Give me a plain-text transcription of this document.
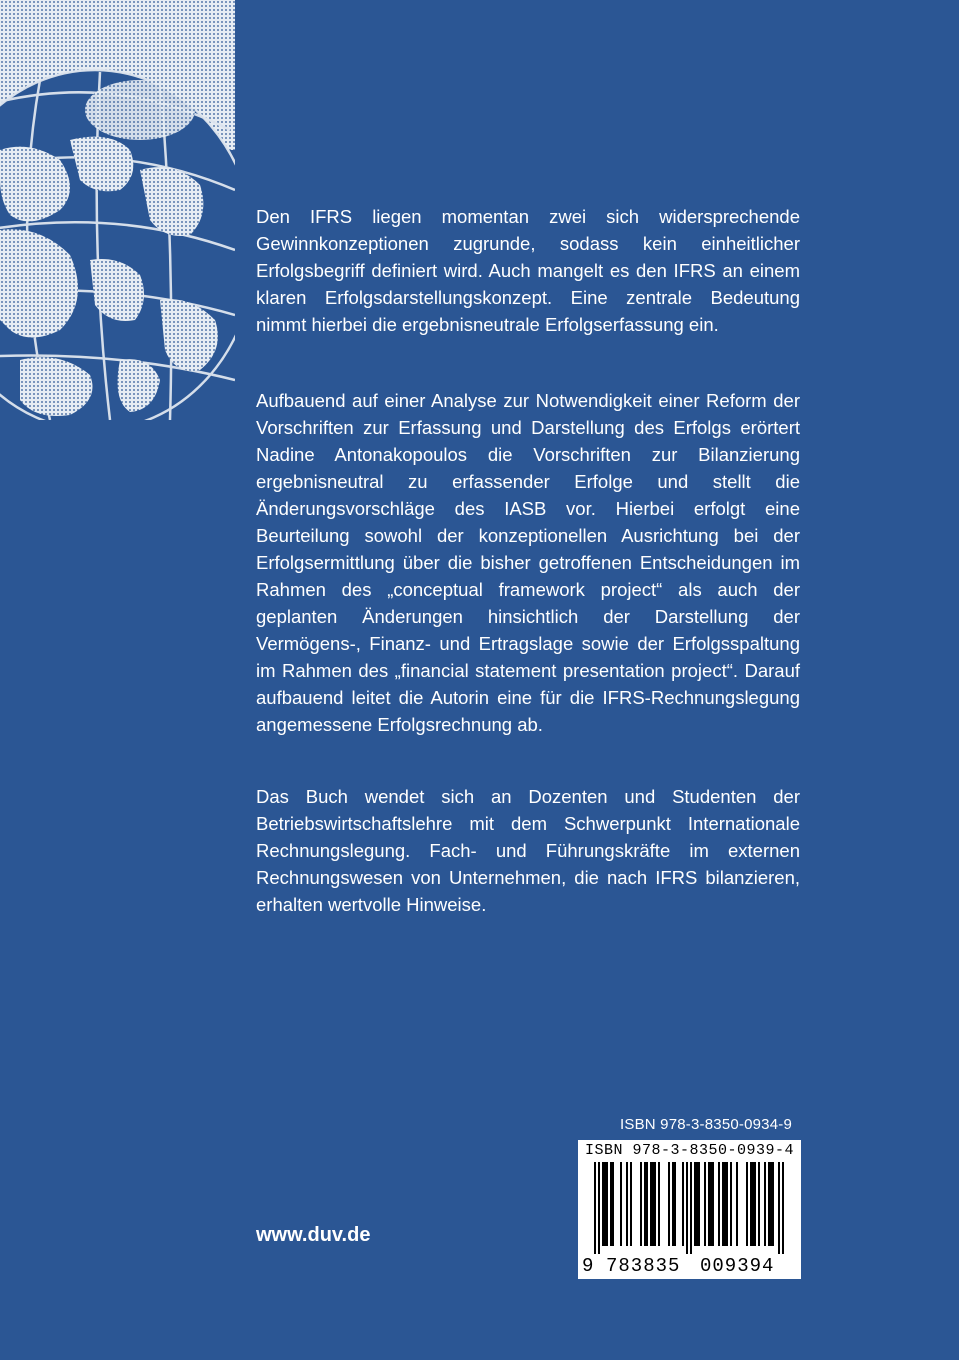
Den IFRS liegen momentan zwei sich widersprechende Gewinnkonzeptionen zugrunde, sodass kein einheitlicher Erfolgsbegriff definiert wird. Auch mangelt es den IFRS an einem klaren Erfolgsdarstellungskonzept. Eine zentrale Bedeutung nimmt hierbei die ergebnisneutrale Erfolgserfassung ein.

Aufbauend auf einer Analyse zur Notwendigkeit einer Reform der Vorschriften zur Erfassung und Darstellung des Erfolgs erörtert Nadine Antonakopoulos die Vorschriften zur Bilanzierung ergebnisneutral zu erfassender Erfolge und stellt die Änderungsvorschläge des IASB vor. Hierbei erfolgt eine Beurteilung sowohl der konzeptionellen Ausrichtung bei der Erfolgsermittlung über die bisher getroffenen Entscheidungen im Rahmen des „conceptual framework project“ als auch der geplanten Änderungen hinsichtlich der Darstellung der Vermögens-, Finanz- und Ertragslage sowie der Erfolgsspaltung im Rahmen des „financial statement presentation project“. Darauf aufbauend leitet die Autorin eine für die IFRS-Rechnungslegung angemessene Erfolgsrechnung ab.

Das Buch wendet sich an Dozenten und Studenten der Betriebswirtschaftslehre mit dem Schwerpunkt Internationale Rechnungslegung. Fach- und Führungskräfte im externen Rechnungswesen von Unternehmen, die nach IFRS bilanzieren, erhalten wertvolle Hinweise.

ISBN 978-3-8350-0934-9
ISBN 978-3-8350-0939-4
9 783835 009394
www.duv.de
